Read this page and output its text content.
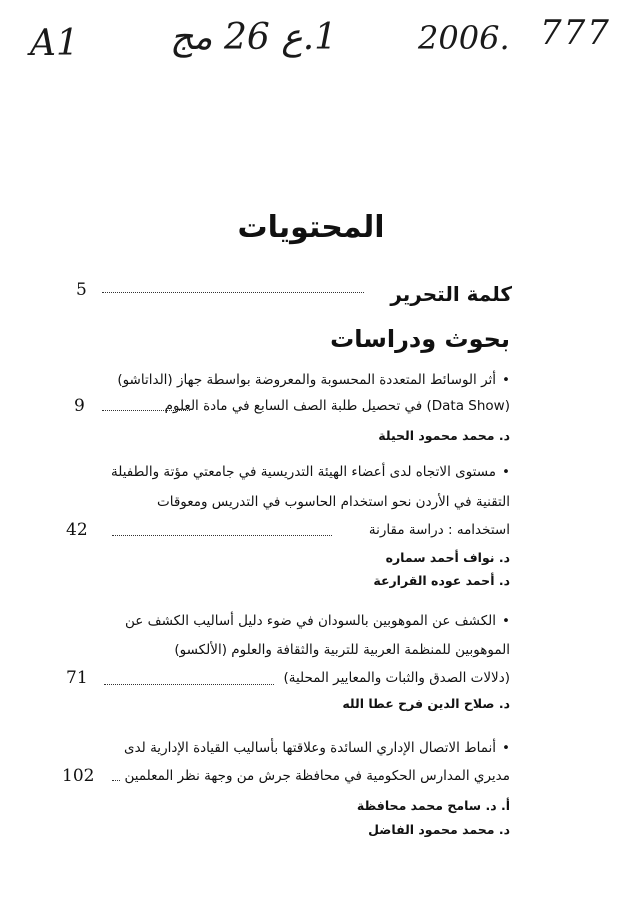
A1	1.ع 26 مج	2006. 777
المحتويات
كلمة التحرير
5
بحوث ودراسات
• أثر الوسائط المتعددة المحسوبة والمعروضة بواسطة جهاز (الداتاشو)
(Data Show) في تحصيل طلبة الصف السابع في مادة العلوم
9
د. محمد محمود الحيلة
• مستوى الاتجاه لدى أعضاء الهيئة التدريسية في جامعتي مؤتة والطفيلة
التقنية في الأردن نحو استخدام الحاسوب في التدريس ومعوقات
استخدامه : دراسة مقارنة
42
د. نواف أحمد سماره
د. أحمد عوده القرارعة
• الكشف عن الموهوبين بالسودان في ضوء دليل أساليب الكشف عن
الموهوبين للمنظمة العربية للتربية والثقافة والعلوم (الألكسو)
(دلالات الصدق والثبات والمعايير المحلية)
71
د. صلاح الدين فرح عطا الله
• أنماط الاتصال الإداري السائدة وعلاقتها بأساليب القيادة الإدارية لدى
مديري المدارس الحكومية في محافظة جرش من وجهة نظر المعلمين
102
أ. د. سامح محمد محافظة
د. محمد محمود الفاضل
